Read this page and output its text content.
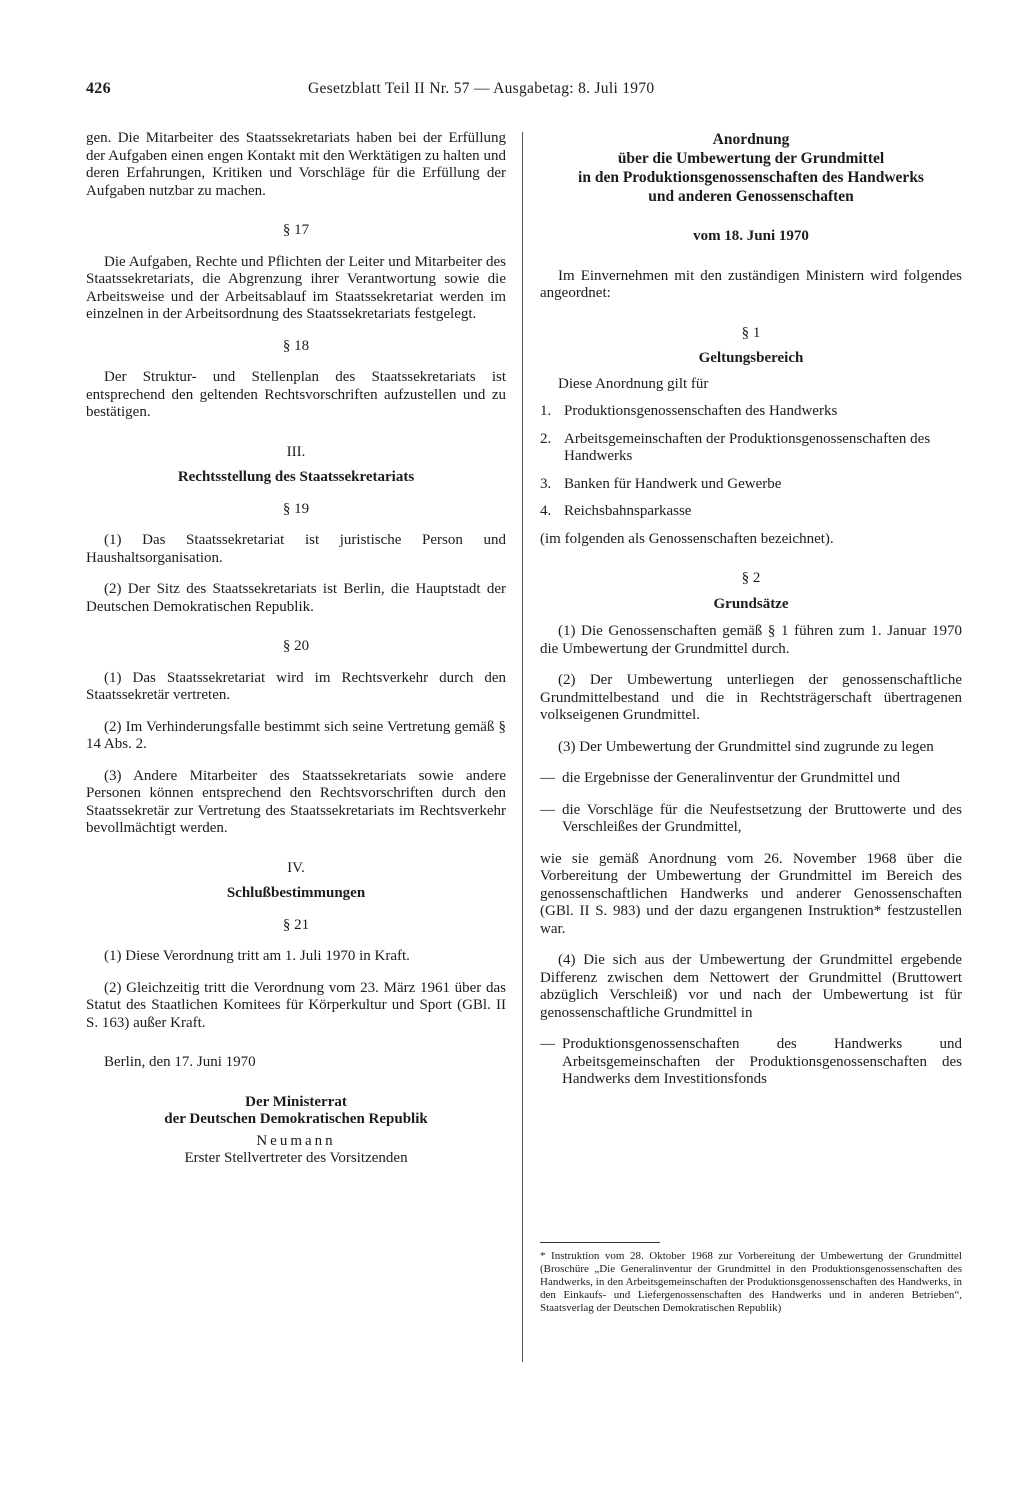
426	Gesetzblatt Teil II Nr. 57 — Ausgabetag: 8. Juli 1970

gen. Die Mitarbeiter des Staatssekretariats haben bei der Erfüllung der Aufgaben einen engen Kontakt mit den Werktätigen zu halten und deren Erfahrungen, Kritiken und Vorschläge für die Erfüllung der Aufgaben nutzbar zu machen.

§ 17

Die Aufgaben, Rechte und Pflichten der Leiter und Mitarbeiter des Staatssekretariats, die Abgrenzung ihrer Verantwortung sowie die Arbeitsweise und der Arbeitsablauf im Staatssekretariat werden im einzelnen in der Arbeitsordnung des Staatssekretariats festgelegt.

§ 18

Der Struktur- und Stellenplan des Staatssekretariats ist entsprechend den geltenden Rechtsvorschriften aufzustellen und zu bestätigen.

III.

Rechtsstellung des Staatssekretariats

§ 19

(1) Das Staatssekretariat ist juristische Person und Haushaltsorganisation.

(2) Der Sitz des Staatssekretariats ist Berlin, die Hauptstadt der Deutschen Demokratischen Republik.

§ 20

(1) Das Staatssekretariat wird im Rechtsverkehr durch den Staatssekretär vertreten.

(2) Im Verhinderungsfalle bestimmt sich seine Vertretung gemäß § 14 Abs. 2.

(3) Andere Mitarbeiter des Staatssekretariats sowie andere Personen können entsprechend den Rechtsvorschriften durch den Staatssekretär zur Vertretung des Staatssekretariats im Rechtsverkehr bevollmächtigt werden.

IV.

Schlußbestimmungen

§ 21

(1) Diese Verordnung tritt am 1. Juli 1970 in Kraft.

(2) Gleichzeitig tritt die Verordnung vom 23. März 1961 über das Statut des Staatlichen Komitees für Körperkultur und Sport (GBl. II S. 163) außer Kraft.

Berlin, den 17. Juni 1970

Der Ministerrat

der Deutschen Demokratischen Republik

Neumann

Erster Stellvertreter des Vorsitzenden

Anordnung
über die Umbewertung der Grundmittel
in den Produktionsgenossenschaften des Handwerks
und anderen Genossenschaften

vom 18. Juni 1970

Im Einvernehmen mit den zuständigen Ministern wird folgendes angeordnet:

§ 1

Geltungsbereich

Diese Anordnung gilt für

1. Produktionsgenossenschaften des Handwerks
2. Arbeitsgemeinschaften der Produktionsgenossenschaften des Handwerks
3. Banken für Handwerk und Gewerbe
4. Reichsbahnsparkasse

(im folgenden als Genossenschaften bezeichnet).

§ 2

Grundsätze

(1) Die Genossenschaften gemäß § 1 führen zum 1. Januar 1970 die Umbewertung der Grundmittel durch.

(2) Der Umbewertung unterliegen der genossenschaftliche Grundmittelbestand und die in Rechtsträgerschaft übertragenen volkseigenen Grundmittel.

(3) Der Umbewertung der Grundmittel sind zugrunde zu legen

— die Ergebnisse der Generalinventur der Grundmittel und
— die Vorschläge für die Neufestsetzung der Bruttowerte und des Verschleißes der Grundmittel,

wie sie gemäß Anordnung vom 26. November 1968 über die Vorbereitung der Umbewertung der Grundmittel im Bereich des genossenschaftlichen Handwerks und anderer Genossenschaften (GBl. II S. 983) und der dazu ergangenen Instruktion* festzustellen war.

(4) Die sich aus der Umbewertung der Grundmittel ergebende Differenz zwischen dem Nettowert der Grundmittel (Bruttowert abzüglich Verschleiß) vor und nach der Umbewertung ist für genossenschaftliche Grundmittel in

— Produktionsgenossenschaften des Handwerks und Arbeitsgemeinschaften der Produktionsgenossenschaften des Handwerks dem Investitionsfonds

* Instruktion vom 28. Oktober 1968 zur Vorbereitung der Umbewertung der Grundmittel (Broschüre „Die Generalinventur der Grundmittel in den Produktionsgenossenschaften des Handwerks, in den Arbeitsgemeinschaften der Produktionsgenossenschaften des Handwerks, in den Einkaufs- und Liefergenossenschaften des Handwerks und in anderen Betrieben“, Staatsverlag der Deutschen Demokratischen Republik)
